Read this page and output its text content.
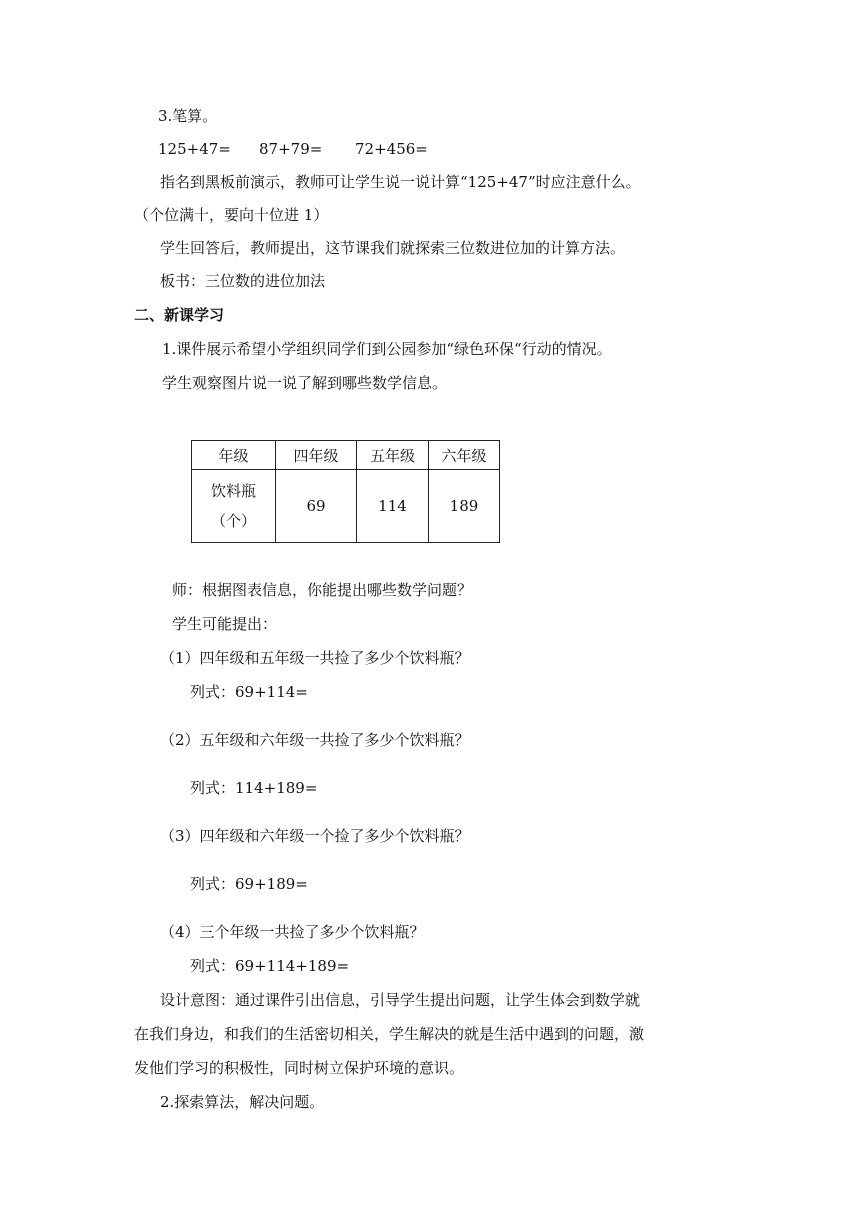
3.笔算。
125+47= 87+79= 72+456=
指名到黑板前演示，教师可让学生说一说计算“125+47”时应注意什么。
（个位满十，要向十位进 1）
学生回答后，教师提出，这节课我们就探索三位数进位加的计算方法。
板书：三位数的进位加法
二、新课学习
1.课件展示希望小学组织同学们到公园参加“绿色环保“行动的情况。
学生观察图片说一说了解到哪些数学信息。
年级	四年级	五年级	六年级

饮料瓶
（个）	69	114	189
师：根据图表信息，你能提出哪些数学问题？
学生可能提出：
（1）四年级和五年级一共捡了多少个饮料瓶？
列式：69+114=
（2）五年级和六年级一共捡了多少个饮料瓶？
列式：114+189=
（3）四年级和六年级一个捡了多少个饮料瓶？
列式：69+189=
（4）三个年级一共捡了多少个饮料瓶？
列式：69+114+189=
设计意图：通过课件引出信息，引导学生提出问题，让学生体会到数学就
在我们身边，和我们的生活密切相关，学生解决的就是生活中遇到的问题，激
发他们学习的积极性，同时树立保护环境的意识。
2.探索算法，解决问题。
